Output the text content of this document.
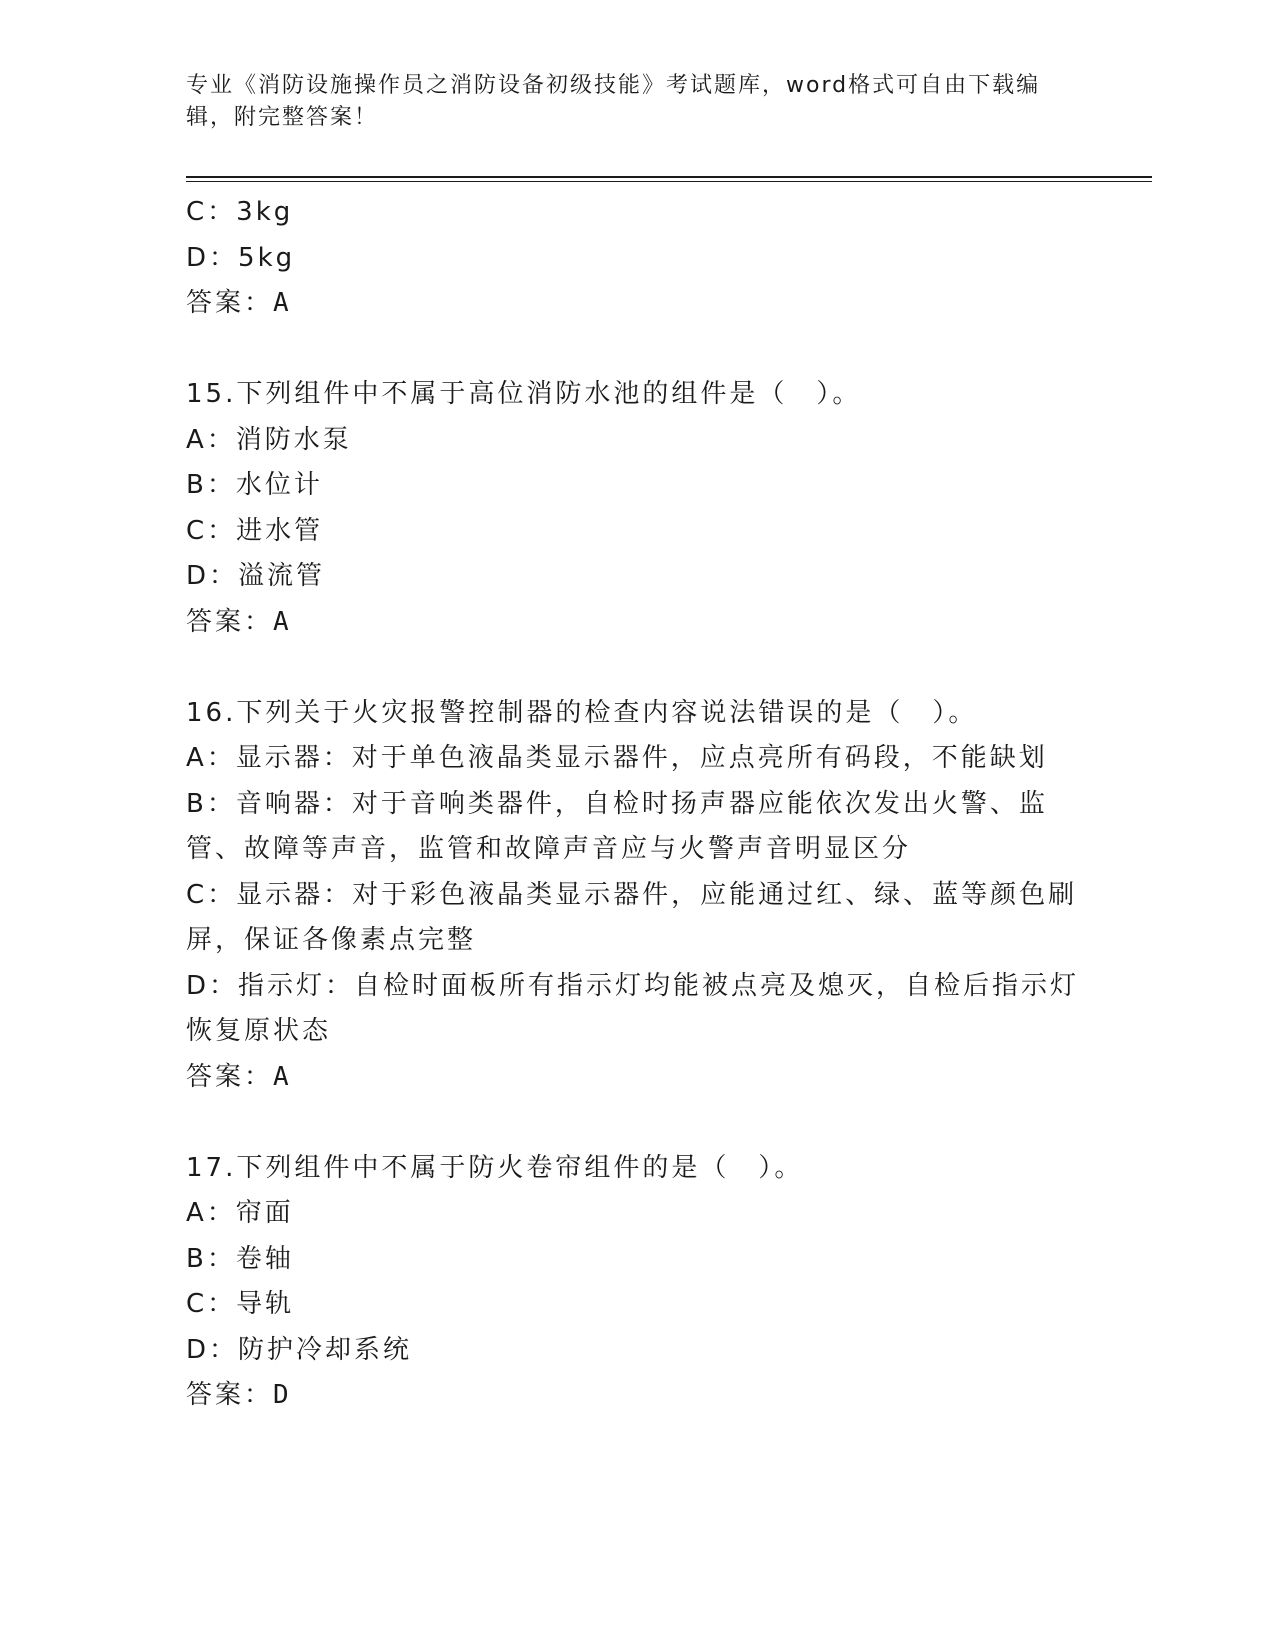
专业《消防设施操作员之消防设备初级技能》考试题库，word格式可自由下载编辑，附完整答案！
C：3kg
D：5kg
答案：A
15.下列组件中不属于高位消防水池的组件是（　）。
A：消防水泵
B：水位计
C：进水管
D：溢流管
答案：A
16.下列关于火灾报警控制器的检查内容说法错误的是（　）。
A：显示器：对于单色液晶类显示器件，应点亮所有码段，不能缺划
B：音响器：对于音响类器件，自检时扬声器应能依次发出火警、监管、故障等声音，监管和故障声音应与火警声音明显区分
C：显示器：对于彩色液晶类显示器件，应能通过红、绿、蓝等颜色刷屏，保证各像素点完整
D：指示灯：自检时面板所有指示灯均能被点亮及熄灭，自检后指示灯恢复原状态
答案：A
17.下列组件中不属于防火卷帘组件的是（　）。
A：帘面
B：卷轴
C：导轨
D：防护冷却系统
答案：D
